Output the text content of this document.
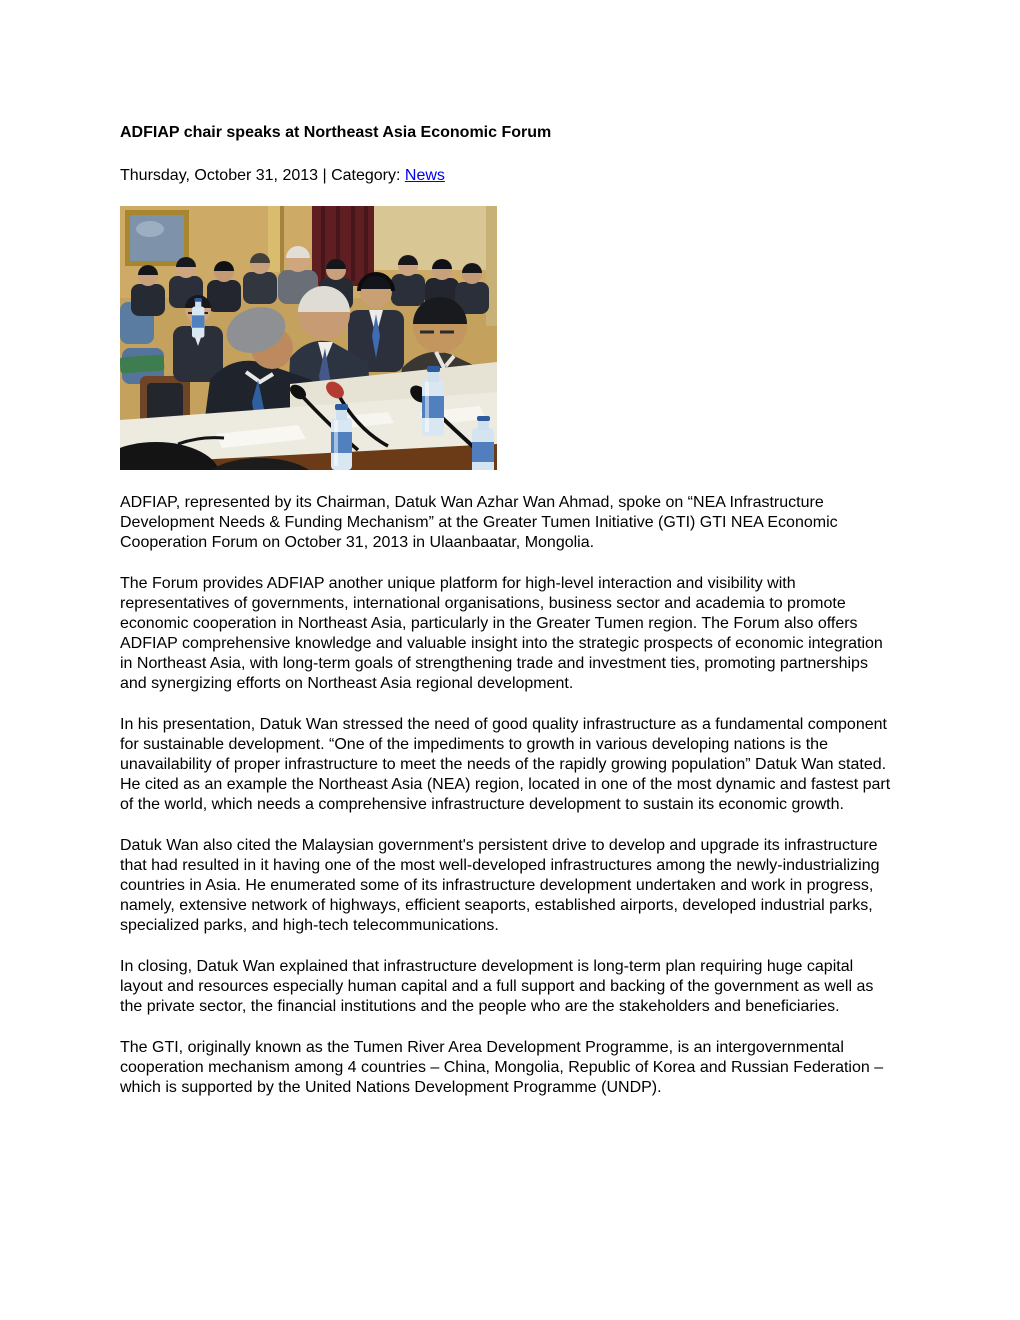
ADFIAP chair speaks at Northeast Asia Economic Forum

Thursday, October 31, 2013 | Category: News

ADFIAP, represented by its Chairman, Datuk Wan Azhar Wan Ahmad, spoke on “NEA Infrastructure Development Needs & Funding Mechanism” at the Greater Tumen Initiative (GTI) GTI NEA Economic Cooperation Forum on October 31, 2013 in Ulaanbaatar, Mongolia.

The Forum provides ADFIAP another unique platform for high-level interaction and visibility with representatives of governments, international organisations, business sector and academia to promote economic cooperation in Northeast Asia, particularly in the Greater Tumen region. The Forum also offers ADFIAP comprehensive knowledge and valuable insight into the strategic prospects of economic integration in Northeast Asia, with long-term goals of strengthening trade and investment ties, promoting partnerships and synergizing efforts on Northeast Asia regional development.

In his presentation, Datuk Wan stressed the need of good quality infrastructure as a fundamental component for sustainable development. “One of the impediments to growth in various developing nations is the unavailability of proper infrastructure to meet the needs of the rapidly growing population” Datuk Wan stated. He cited as an example the Northeast Asia (NEA) region, located in one of the most dynamic and fastest part of the world, which needs a comprehensive infrastructure development to sustain its economic growth.

Datuk Wan also cited the Malaysian government's persistent drive to develop and upgrade its infrastructure that had resulted in it having one of the most well-developed infrastructures among the newly-industrializing countries in Asia. He enumerated some of its infrastructure development undertaken and work in progress, namely, extensive network of highways, efficient seaports, established airports, developed industrial parks, specialized parks, and high-tech telecommunications.

In closing, Datuk Wan explained that infrastructure development is long-term plan requiring huge capital layout and resources especially human capital and a full support and backing of the government as well as the private sector, the financial institutions and the people who are the stakeholders and beneficiaries.

The GTI, originally known as the Tumen River Area Development Programme, is an intergovernmental cooperation mechanism among 4 countries – China, Mongolia, Republic of Korea and Russian Federation – which is supported by the United Nations Development Programme (UNDP).
